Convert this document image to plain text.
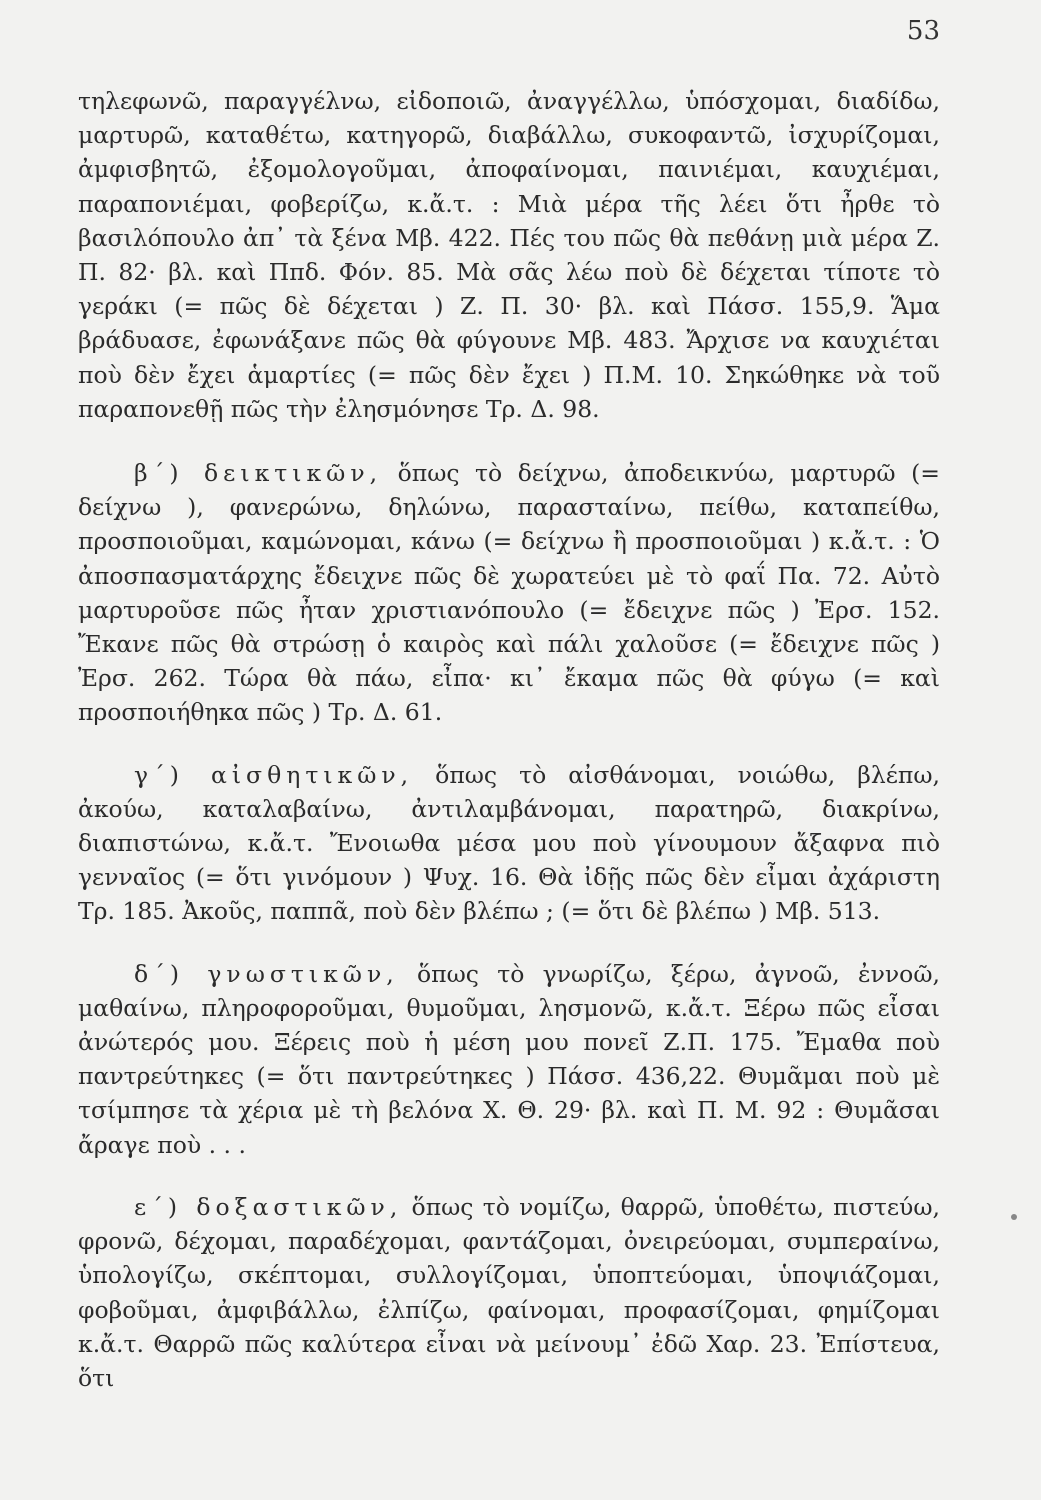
53

τηλεφωνῶ, παραγγέλνω, εἰδοποιῶ, ἀναγγέλλω, ὑπόσχομαι, διαδίδω, μαρτυρῶ, καταθέτω, κατηγορῶ, διαβάλλω, συκοφαντῶ, ἰσχυρίζομαι, ἀμφισβητῶ, ἐξομολογοῦμαι, ἀποφαίνομαι, παινιέμαι, καυχιέμαι, παραπονιέμαι, φοβερίζω, κ.ἄ.τ. : Μιὰ μέρα τῆς λέει ὅτι ἦρθε τὸ βασιλόπουλο ἀπ᾽ τὰ ξένα Μβ. 422. Πές του πῶς θὰ πεθάνῃ μιὰ μέρα Ζ. Π. 82· βλ. καὶ Ππδ. Φόν. 85. Μὰ σᾶς λέω ποὺ δὲ δέχεται τίποτε τὸ γεράκι (= πῶς δὲ δέχεται ) Ζ. Π. 30· βλ. καὶ Πάσσ. 155,9. Ἅμα βράδυασε, ἐφωνάξανε πῶς θὰ φύγουνε Μβ. 483. Ἄρχισε να καυχιέται ποὺ δὲν ἔχει ἁμαρτίες (= πῶς δὲν ἔχει ) Π.Μ. 10. Σηκώθηκε νὰ τοῦ παραπονεθῇ πῶς τὴν ἐλησμόνησε Τρ. Δ. 98.

β΄) δεικτικῶν, ὅπως τὸ δείχνω, ἀποδεικνύω, μαρτυρῶ (= δείχνω ), φανερώνω, δηλώνω, παρασταίνω, πείθω, καταπείθω, προσποιοῦμαι, καμώνομαι, κάνω (= δείχνω ἢ προσποιοῦμαι ) κ.ἄ.τ. : Ὁ ἀποσπασματάρχης ἔδειχνε πῶς δὲ χωρατεύει μὲ τὸ φαΐ Πα. 72. Αὐτὸ μαρτυροῦσε πῶς ἦταν χριστιανόπουλο (= ἔδειχνε πῶς ) Ἐρσ. 152. Ἔκανε πῶς θὰ στρώσῃ ὁ καιρὸς καὶ πάλι χαλοῦσε (= ἔδειχνε πῶς ) Ἐρσ. 262. Τώρα θὰ πάω, εἶπα· κι᾽ ἔκαμα πῶς θὰ φύγω (= καὶ προσποιήθηκα πῶς ) Τρ. Δ. 61.

γ΄) αἰσθητικῶν, ὅπως τὸ αἰσθάνομαι, νοιώθω, βλέπω, ἀκούω, καταλαβαίνω, ἀντιλαμβάνομαι, παρατηρῶ, διακρίνω, διαπιστώνω, κ.ἄ.τ. Ἔνοιωθα μέσα μου ποὺ γίνουμουν ἄξαφνα πιὸ γενναῖος (= ὅτι γινόμουν ) Ψυχ. 16. Θὰ ἰδῇς πῶς δὲν εἶμαι ἀχάριστη Τρ. 185. Ἀκοῦς, παππᾶ, ποὺ δὲν βλέπω ; (= ὅτι δὲ βλέπω ) Μβ. 513.

δ΄) γνωστικῶν, ὅπως τὸ γνωρίζω, ξέρω, ἀγνοῶ, ἐννοῶ, μαθαίνω, πληροφοροῦμαι, θυμοῦμαι, λησμονῶ, κ.ἄ.τ. Ξέρω πῶς εἶσαι ἀνώτερός μου. Ξέρεις ποὺ ἡ μέση μου πονεῖ Ζ.Π. 175. Ἔμαθα ποὺ παντρεύτηκες (= ὅτι παντρεύτηκες ) Πάσσ. 436,22. Θυμᾶμαι ποὺ μὲ τσίμπησε τὰ χέρια μὲ τὴ βελόνα Χ. Θ. 29· βλ. καὶ Π. Μ. 92 : Θυμᾶσαι ἄραγε ποὺ . . .

ε΄) δοξαστικῶν, ὅπως τὸ νομίζω, θαρρῶ, ὑποθέτω, πιστεύω, φρονῶ, δέχομαι, παραδέχομαι, φαντάζομαι, ὀνειρεύομαι, συμπεραίνω, ὑπολογίζω, σκέπτομαι, συλλογίζομαι, ὑποπτεύομαι, ὑποψιάζομαι, φοβοῦμαι, ἀμφιβάλλω, ἐλπίζω, φαίνομαι, προφασίζομαι, φημίζομαι κ.ἄ.τ. Θαρρῶ πῶς καλύτερα εἶναι νὰ μείνουμ᾽ ἐδῶ Χαρ. 23. Ἐπίστευα, ὅτι
